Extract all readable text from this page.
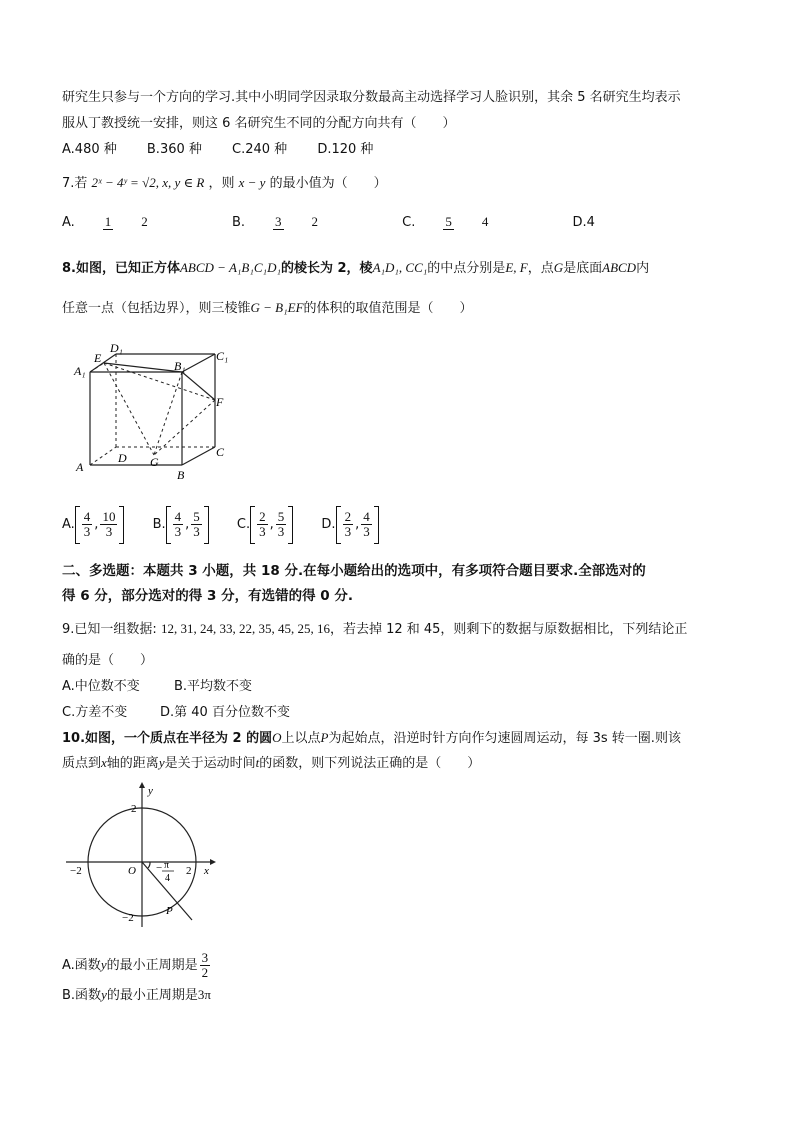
研究生只参与一个方向的学习.其中小明同学因录取分数最高主动选择学习人脸识别，其余 5 名研究生均表示
服从丁教授统一安排，则这 6 名研究生不同的分配方向共有（　　）
A.480 种 B.360 种 C.240 种 D.120 种
7.若 2ˣ − 4ʸ = √2, x, y ∈ R ，则 x − y 的最小值为（　　）
A. 1 2	B. 3 2	C. 5 4	D.4
8.如图，已知正方体ABCD − A₁B₁C₁D₁的棱长为 2，棱A₁D₁, CC₁的中点分别是E, F，点G是底面ABCD内
任意一点（包括边界），则三棱锥G − B₁EF的体积的取值范围是（　　）
E
D₁
B₁
C₁
A₁
F
A
D G
C
B
A. $\frac{4}{3}$ , $\frac{10}{3}$	B. $\frac{4}{3}$ , $\frac{5}{3}$	C. $\frac{2}{3}$ , $\frac{5}{3}$	D. $\frac{2}{3}$ , $\frac{4}{3}$
二、多选题：本题共 3 小题，共 18 分.在每小题给出的选项中，有多项符合题目要求.全部选对的
得 6 分，部分选对的得 3 分，有选错的得 0 分.
9.已知一组数据: 12, 31, 24, 33, 22, 35, 45, 25, 16，若去掉 12 和 45，则剩下的数据与原数据相比，下列结论正
确的是（　　）
A.中位数不变	B.平均数不变
C.方差不变	D.第 40 百分位数不变
10.如图，一个质点在半径为 2 的圆O上以点P为起始点，沿逆时针方向作匀速圆周运动，每 3s 转一圈.则该
质点到x轴的距离y是关于运动时间t的函数，则下列说法正确的是（　　）
y
x
O
P
2
2
−2
−2
− π
4
A.函数y的最小正周期是 $\frac{3}{2}$
B.函数y的最小正周期是3π
